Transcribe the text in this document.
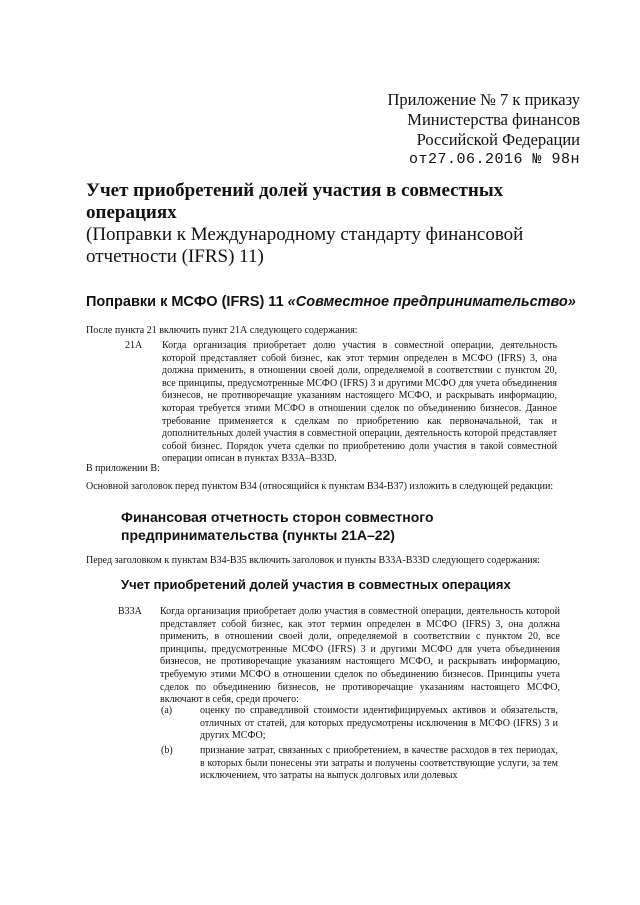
Приложение № 7 к приказу
Министерства финансов
Российской Федерации
от27.06.2016 № 98н
Учет приобретений долей участия в совместных операциях
(Поправки к Международному стандарту финансовой отчетности (IFRS) 11)
Поправки к МСФО (IFRS) 11 «Совместное предпринимательство»
После пункта 21 включить пункт 21А следующего содержания:
21A Когда организация приобретает долю участия в совместной операции, деятельность которой представляет собой бизнес, как этот термин определен в МСФО (IFRS) 3, она должна применить, в отношении своей доли, определяемой в соответствии с пунктом 20, все принципы, предусмотренные МСФО (IFRS) 3 и другими МСФО для учета объединения бизнесов, не противоречащие указаниям настоящего МСФО, и раскрывать информацию, которая требуется этими МСФО в отношении сделок по объединению бизнесов. Данное требование применяется к сделкам по приобретению как первоначальной, так и дополнительных долей участия в совместной операции, деятельность которой представляет собой бизнес. Порядок учета сделки по приобретению доли участия в такой совместной операции описан в пунктах B33A–B33D.
В приложении B:
Основной заголовок перед пунктом B34 (относящийся к пунктам B34-B37) изложить в следующей редакции:
Финансовая отчетность сторон совместного предпринимательства (пункты 21А–22)
Перед заголовком к пунктам B34-B35 включить заголовок и пункты B33A-B33D следующего содержания:
Учет приобретений долей участия в совместных операциях
B33A Когда организация приобретает долю участия в совместной операции, деятельность которой представляет собой бизнес, как этот термин определен в МСФО (IFRS) 3, она должна применить, в отношении своей доли, определяемой в соответствии с пунктом 20, все принципы, предусмотренные МСФО (IFRS) 3 и другими МСФО для учета объединения бизнесов, не противоречащие указаниям настоящего МСФО, и раскрывать информацию, требуемую этими МСФО в отношении сделок по объединению бизнесов. Принципы учета сделок по объединению бизнесов, не противоречащие указаниям настоящего МСФО, включают в себя, среди прочего:
(a)	оценку по справедливой стоимости идентифицируемых активов и обязательств, отличных от статей, для которых предусмотрены исключения в МСФО (IFRS) 3 и других МСФО;
(b)	признание затрат, связанных с приобретением, в качестве расходов в тех периодах, в которых были понесены эти затраты и получены соответствующие услуги, за тем исключением, что затраты на выпуск долговых или долевых
